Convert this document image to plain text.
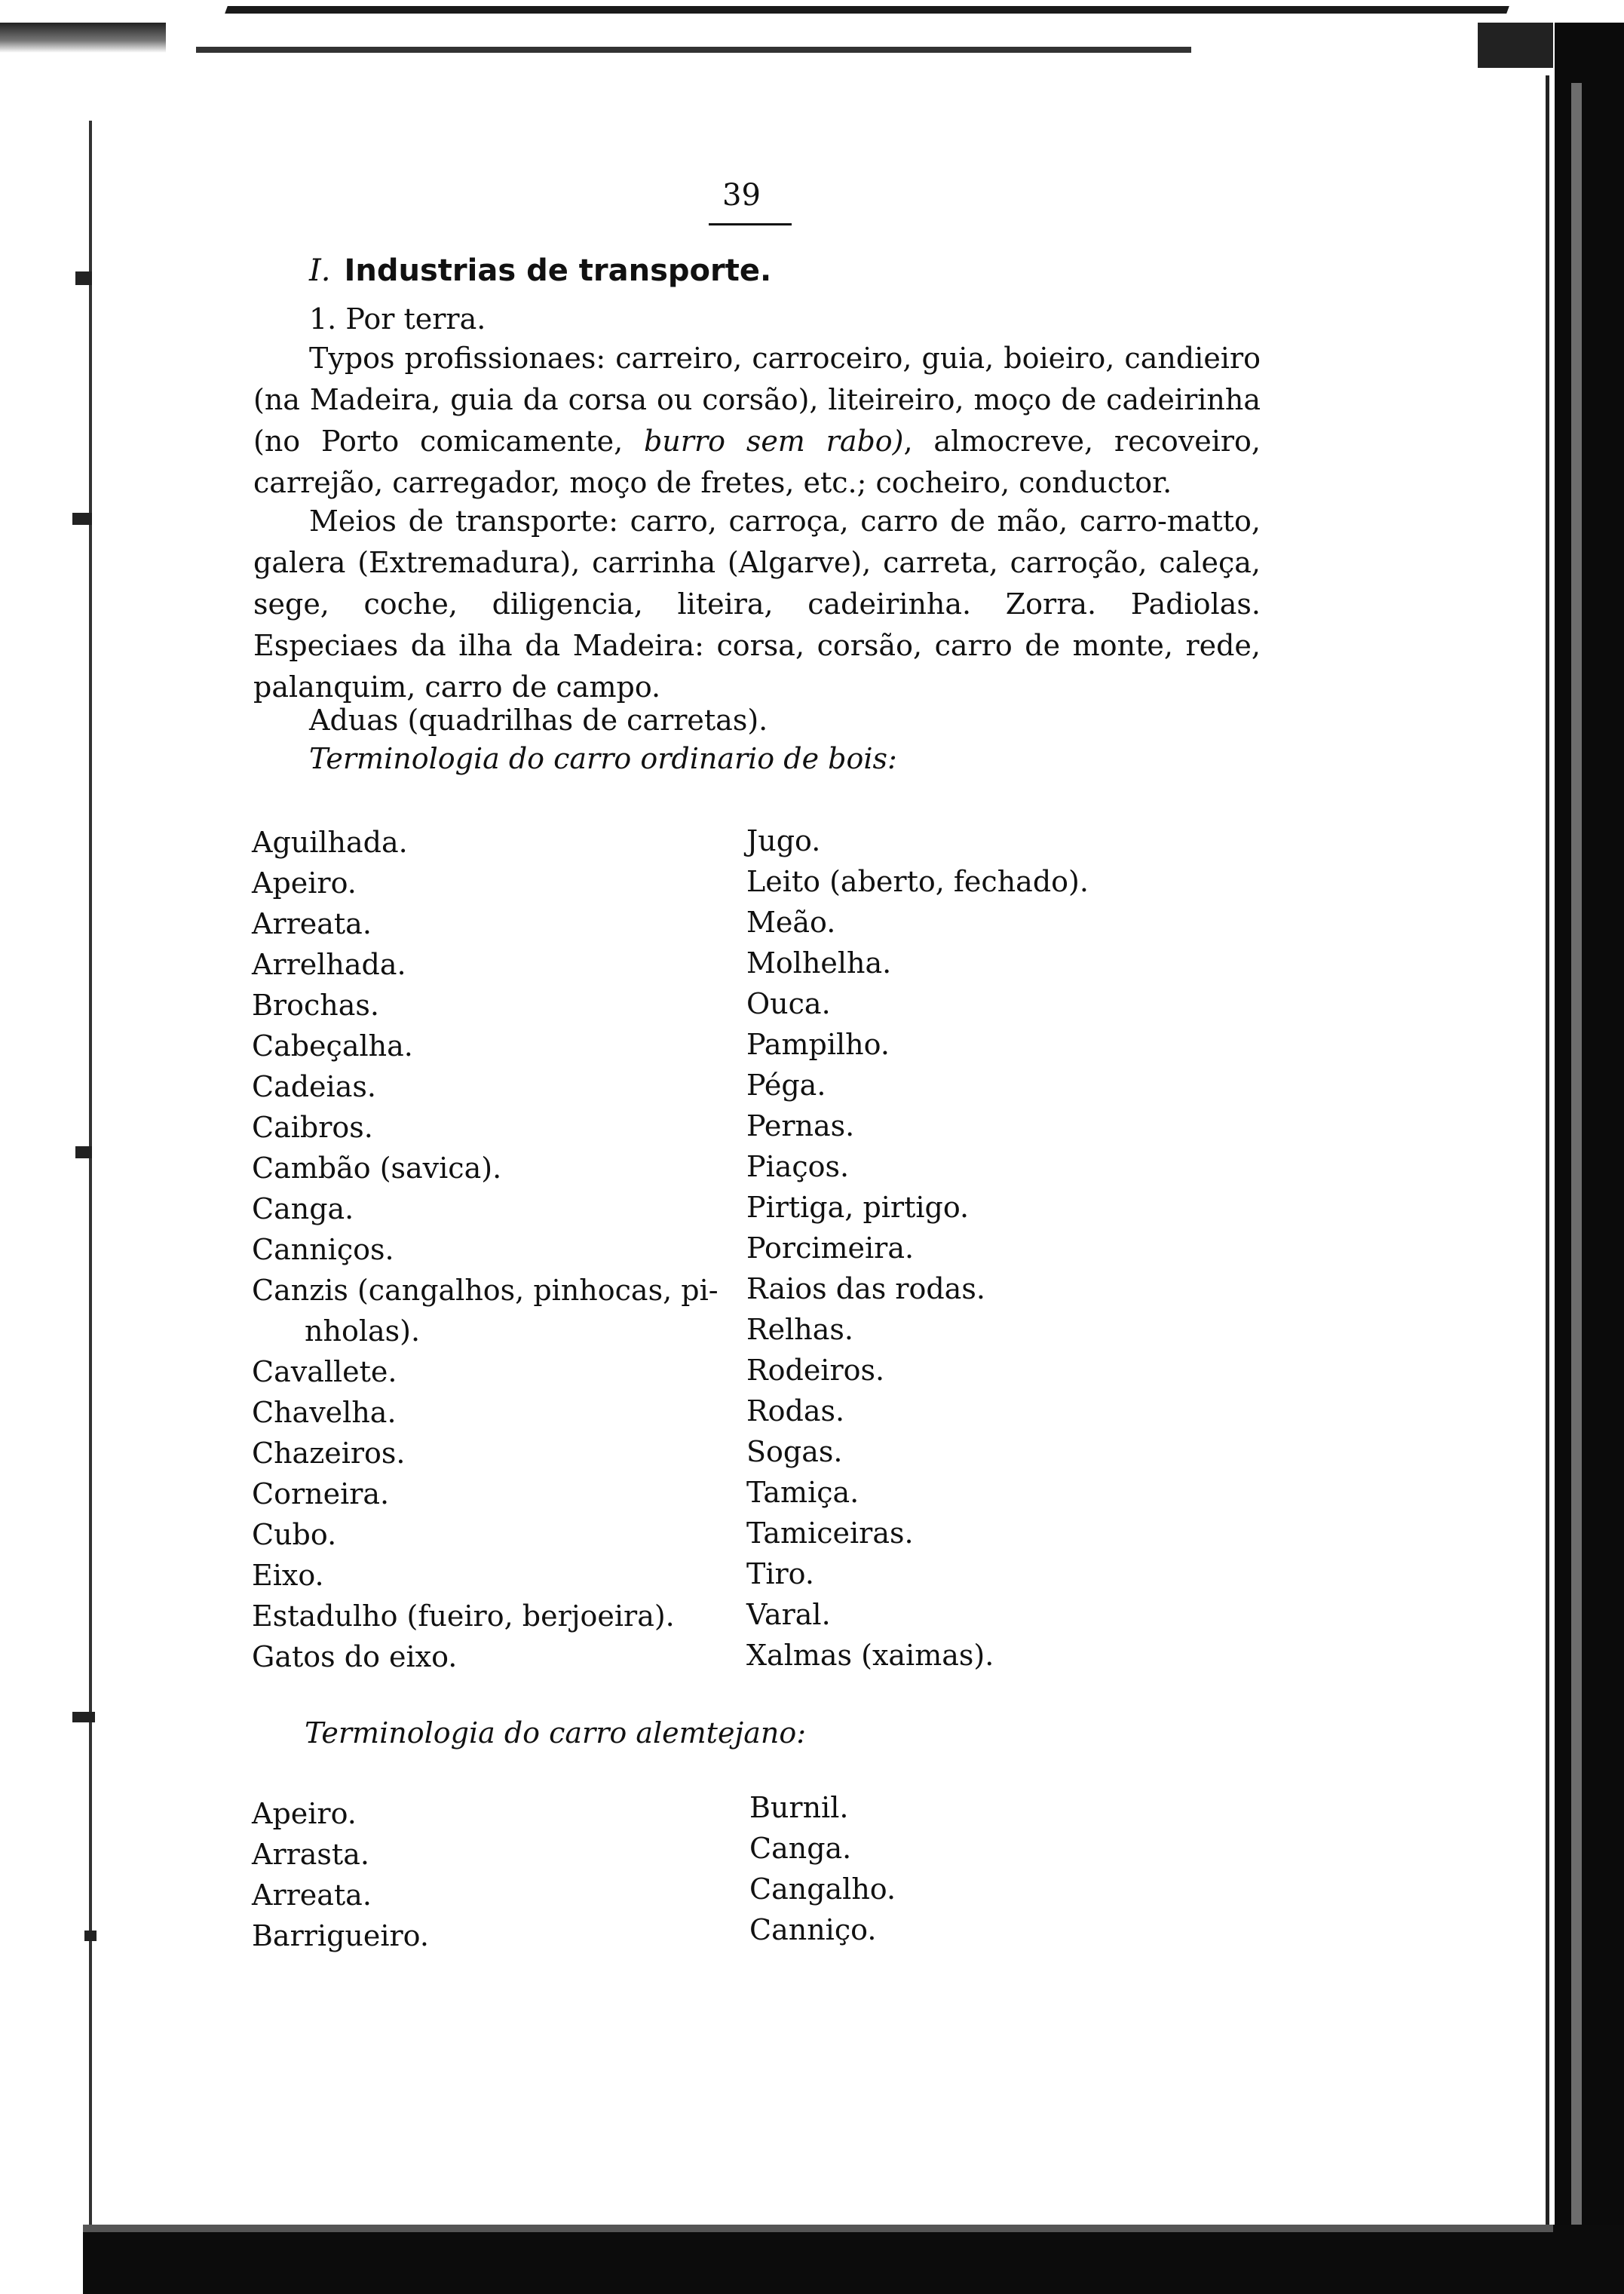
39
I. Industrias de transporte.
1. Por terra.
Typos profissionaes: carreiro, carroceiro, guia, boieiro, candieiro (na Madeira, guia da corsa ou corsão), liteireiro, moço de cadeirinha (no Porto comicamente, burro sem rabo), almocreve, recoveiro, carrejão, carregador, moço de fretes, etc.; cocheiro, conductor.
Meios de transporte: carro, carroça, carro de mão, carro-matto, galera (Extremadura), carrinha (Algarve), carreta, carroção, caleça, sege, coche, diligencia, liteira, cadeirinha. Zorra. Padiolas. Especiaes da ilha da Madeira: corsa, corsão, carro de monte, rede, palanquim, carro de campo.
Aduas (quadrilhas de carretas).
Terminologia do carro ordinario de bois:
Aguilhada.
Apeiro.
Arreata.
Arrelhada.
Brochas.
Cabeçalha.
Cadeias.
Caibros.
Cambão (savica).
Canga.
Canniços.
Canzis (cangalhos, pinhocas, pi-
nholas).
Cavallete.
Chavelha.
Chazeiros.
Corneira.
Cubo.
Eixo.
Estadulho (fueiro, berjoeira).
Gatos do eixo.
Jugo.
Leito (aberto, fechado).
Meão.
Molhelha.
Ouca.
Pampilho.
Péga.
Pernas.
Piaços.
Pirtiga, pirtigo.
Porcimeira.
Raios das rodas.
Relhas.
Rodeiros.
Rodas.
Sogas.
Tamiça.
Tamiceiras.
Tiro.
Varal.
Xalmas (xaimas).
Terminologia do carro alemtejano:
Apeiro.
Arrasta.
Arreata.
Barrigueiro.
Burnil.
Canga.
Cangalho.
Canniço.
